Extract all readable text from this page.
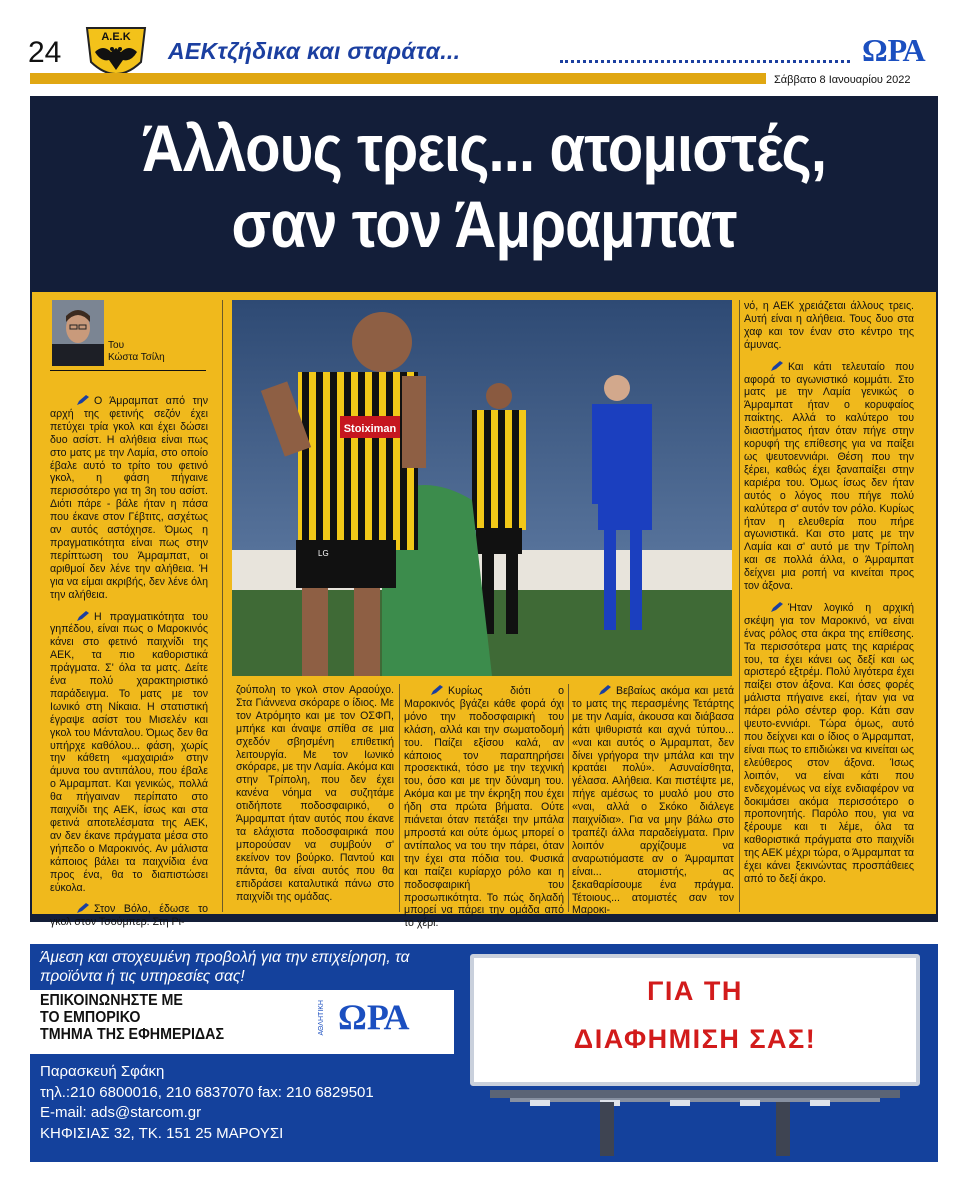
24	Α.Ε.Κ
AEKτζήδικα και σταράτα...	ΩΡΑ
Σάββατο 8 Ιανουαρίου 2022
Άλλους τρεις... ατομιστές,
σαν τον Άμραμπατ
Του
Κώστα Τσίλη

Ο Άμραμπατ από την αρχή της φετινής σεζόν έχει πετύχει τρία γκολ και έχει δώσει δυο ασίστ. Η αλήθεια είναι πως στο ματς με την Λαμία, στο οποίο έβαλε αυτό το τρίτο του φετινό γκολ, η φάση πήγαινε περισσότερο για τη 3η του ασίστ. Διότι πάρε - βάλε ήταν η πάσα που έκανε στον Γέβτιτς, ασχέτως αν αυτός αστόχησε. Όμως η πραγματικότητα είναι πως στην περίπτωση του Άμραμπατ, οι αριθμοί δεν λένε την αλήθεια. Ή για να είμαι ακριβής, δεν λένε όλη την αλήθεια.

Η πραγματικότητα του γηπέδου, είναι πως ο Μαροκινός κάνει στο φετινό παιχνίδι της ΑΕΚ, τα πιο καθοριστικά πράγματα. Σ' όλα τα ματς. Δείτε ένα πολύ χαρακτηριστικό παράδειγμα. Το ματς με τον Ιωνικό στη Νίκαια. Η στατιστική έγραψε ασίστ του Μισελέν και γκολ του Μάνταλου. Όμως δεν θα υπήρχε καθόλου... φάση, χωρίς την κάθετη «μαχαιριά» στην άμυνα του αντιπάλου, που έβαλε ο Άμραμπατ. Και γενικώς, πολλά θα πήγαιναν περίπατο στο παιχνίδι της ΑΕΚ, ίσως και στα φετινά αποτελέσματα της ΑΕΚ, αν δεν έκανε πράγματα μέσα στο γήπεδο ο Μαροκινός. Αν μάλιστα κάποιος βάλει τα παιχνίδια ένα προς ένα, θα το διαπιστώσει εύκολα.

Στον Βόλο, έδωσε το γκολ στον Τσούμπερ. Στη Ρι-

Stoiximan
LG

ζούπολη το γκολ στον Αραούχο. Στα Γιάννενα σκόραρε ο ίδιος. Με τον Ατρόμητο και με τον ΟΣΦΠ, μπήκε και άναψε σπίθα σε μια σχεδόν σβησμένη επιθετική λειτουργία. Με τον Ιωνικό σκόραρε, με την Λαμία. Ακόμα και στην Τρίπολη, που δεν έχει κανένα νόημα να συζητάμε οτιδήποτε ποδοσφαιρικό, ο Άμραμπατ ήταν αυτός που έκανε τα ελάχιστα ποδοσφαιρικά που μπορούσαν να συμβούν σ' εκείνον τον βούρκο. Παντού και πάντα, θα είναι αυτός που θα επιδράσει καταλυτικά πάνω στο παιχνίδι της ομάδας.

Κυρίως διότι ο Μαροκινός βγάζει κάθε φορά όχι μόνο την ποδοσφαιρική του κλάση, αλλά και την σωματοδομή του. Παίζει εξίσου καλά, αν κάποιος τον παραπηρήσει προσεκτικά, τόσο με την τεχνική του, όσο και με την δύναμη του. Ακόμα και με την έκρηξη που έχει ήδη στα πρώτα βήματα. Ούτε πιάνεται όταν πετάξει την μπάλα μπροστά και ούτε όμως μπορεί ο αντίπαλος να του την πάρει, όταν την έχει στα πόδια του. Φυσικά και παίζει κυρίαρχο ρόλο και η ποδοσφαιρική του προσωπικότητα. Το πώς δηλαδή μπορεί να πάρει την ομάδα από το χέρι.

Βεβαίως ακόμα και μετά το ματς της περασμένης Τετάρτης με την Λαμία, άκουσα και διάβασα κάτι ψιθυριστά και αχνά τύπου... «ναι και αυτός ο Άμραμπατ, δεν δίνει γρήγορα την μπάλα και την κρατάει πολύ». Ασυναίσθητα, γέλασα. Αλήθεια. Και πιστέψτε με, πήγε αμέσως το μυαλό μου στο «ναι, αλλά ο Σκόκο διάλεγε παιχνίδια». Για να μην βάλω στο τραπέζι άλλα παραδείγματα. Πριν λοιπόν αρχίζουμε να αναρωτιόμαστε αν ο Άμραμπατ είναι... ατομιστής, ας ξεκαθαρίσουμε ένα πράγμα. Τέτοιους... ατομιστές σαν τον Μαροκι-

νό, η ΑΕΚ χρειάζεται άλλους τρεις. Αυτή είναι η αλήθεια. Τους δυο στα χαφ και τον έναν στο κέντρο της άμυνας.

Και κάτι τελευταίο που αφορά το αγωνιστικό κομμάτι. Στο ματς με την Λαμία γενικώς ο Άμραμπατ ήταν ο κορυφαίος παίκτης. Αλλά το καλύτερο του διαστήματος ήταν όταν πήγε στην κορυφή της επίθεσης για να παίξει ως ψευτοεννιάρι. Θέση που την ξέρει, καθώς έχει ξαναπαίξει στην καριέρα του. Όμως ίσως δεν ήταν αυτός ο λόγος που πήγε πολύ καλύτερα σ' αυτόν τον ρόλο. Κυρίως ήταν η ελευθερία που πήρε αγωνιστικά. Και στο ματς με την Λαμία και σ' αυτό με την Τρίπολη και σε πολλά άλλα, ο Άμραμπατ δείχνει μια ροπή να κινείται προς τον άξονα.

Ήταν λογικό η αρχική σκέψη για τον Μαροκινό, να είναι ένας ρόλος στα άκρα της επίθεσης. Τα περισσότερα ματς της καριέρας του, τα έχει κάνει ως δεξί και ως αριστερό εξτρέμ. Πολύ λιγότερα έχει παίξει στον άξονα. Και όσες φορές μάλιστα πήγαινε εκεί, ήταν για να πάρει ρόλο σέντερ φορ. Κάτι σαν ψευτο-εννιάρι. Τώρα όμως, αυτό που δείχνει και ο ίδιος ο Άμραμπατ, είναι πως το επιδιώκει να κινείται ως ελεύθερος στον άξονα. Ίσως λοιπόν, να είναι κάτι που ενδεχομένως να είχε ενδιαφέρον να δοκιμάσει ακόμα περισσότερο ο προπονητής. Παρόλο που, για να ξέρουμε και τι λέμε, όλα τα καθοριστικά πράγματα στο παιχνίδι της ΑΕΚ μέχρι τώρα, ο Άμραμπατ τα έχει κάνει ξεκινώντας προσπάθειες από το δεξί άκρο.

Άμεση και στοχευμένη προβολή για την επιχείρηση, τα προϊόντα ή τις υπηρεσίες σας!
ΕΠΙΚΟΙΝΩΝΗΣΤΕ ΜΕ
ΤΟ ΕΜΠΟΡΙΚΟ
ΤΜΗΜΑ ΤΗΣ ΕΦΗΜΕΡΙΔΑΣ	ΑΘΛΗΤΙΚΗ ΩΡΑ
Παρασκευή Σφάκη
τηλ.:210 6800016, 210 6837070 fax: 210 6829501
E-mail: ads@starcom.gr
ΚΗΦΙΣΙΑΣ 32, ΤΚ. 151 25 ΜΑΡΟΥΣΙ
ΓΙΑ ΤΗ
ΔΙΑΦΗΜΙΣΗ ΣΑΣ!
